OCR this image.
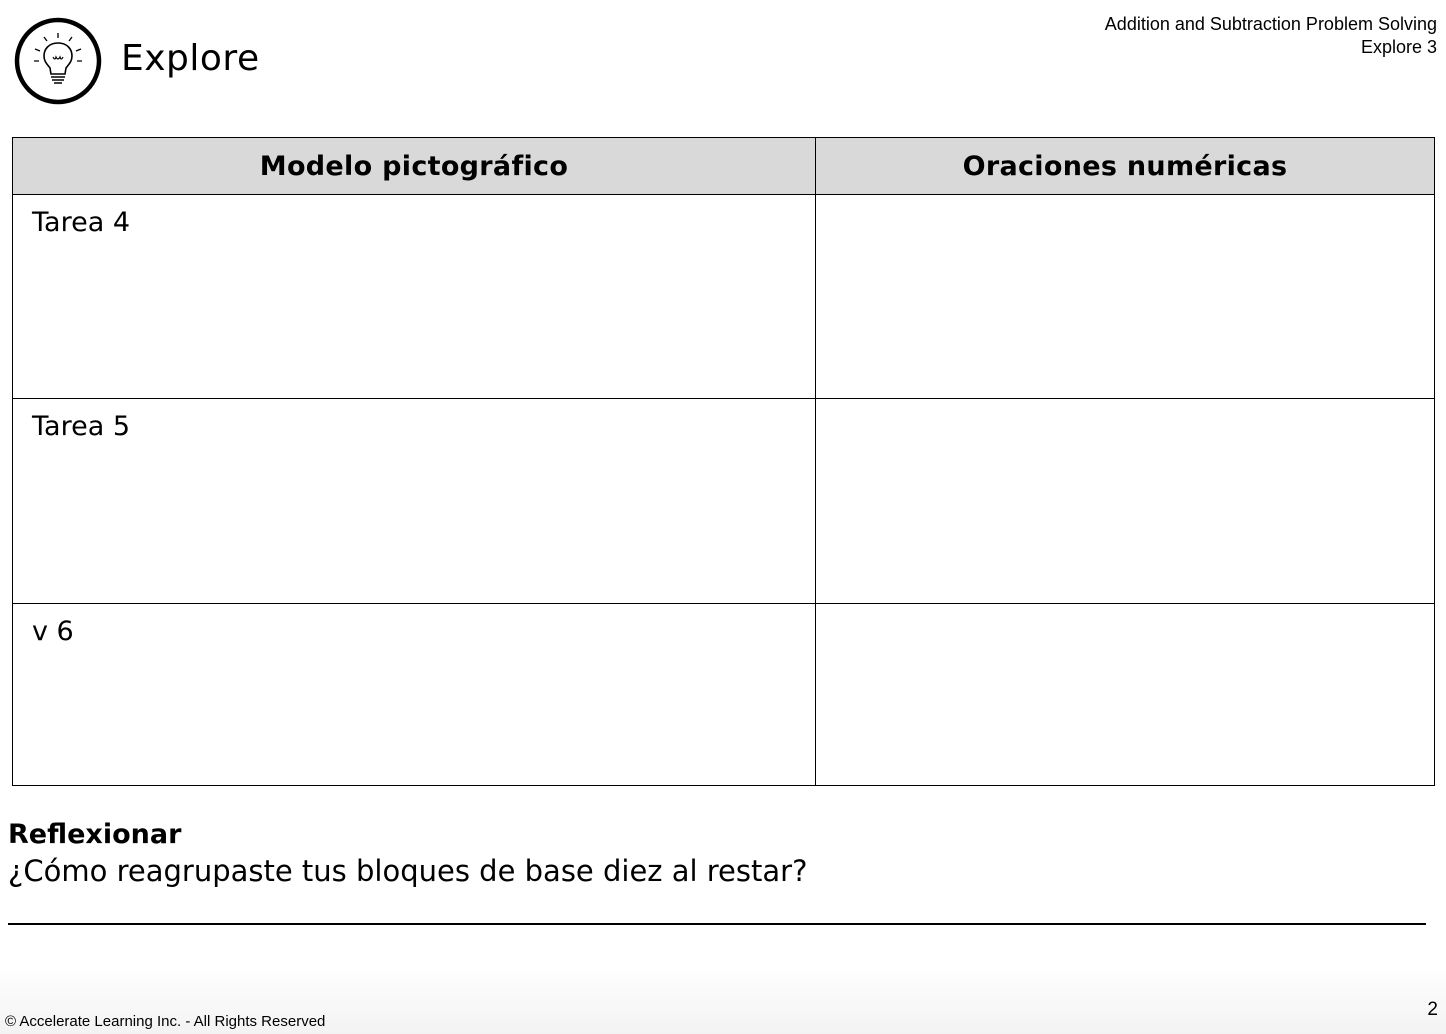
Explore
Addition and Subtraction Problem Solving
Explore 3
Modelo pictográfico	Oraciones numéricas

Tarea 4	

Tarea 5	

v 6	

Reflexionar
¿Cómo reagrupaste tus bloques de base diez al restar?
© Accelerate Learning Inc. - All Rights Reserved
2
